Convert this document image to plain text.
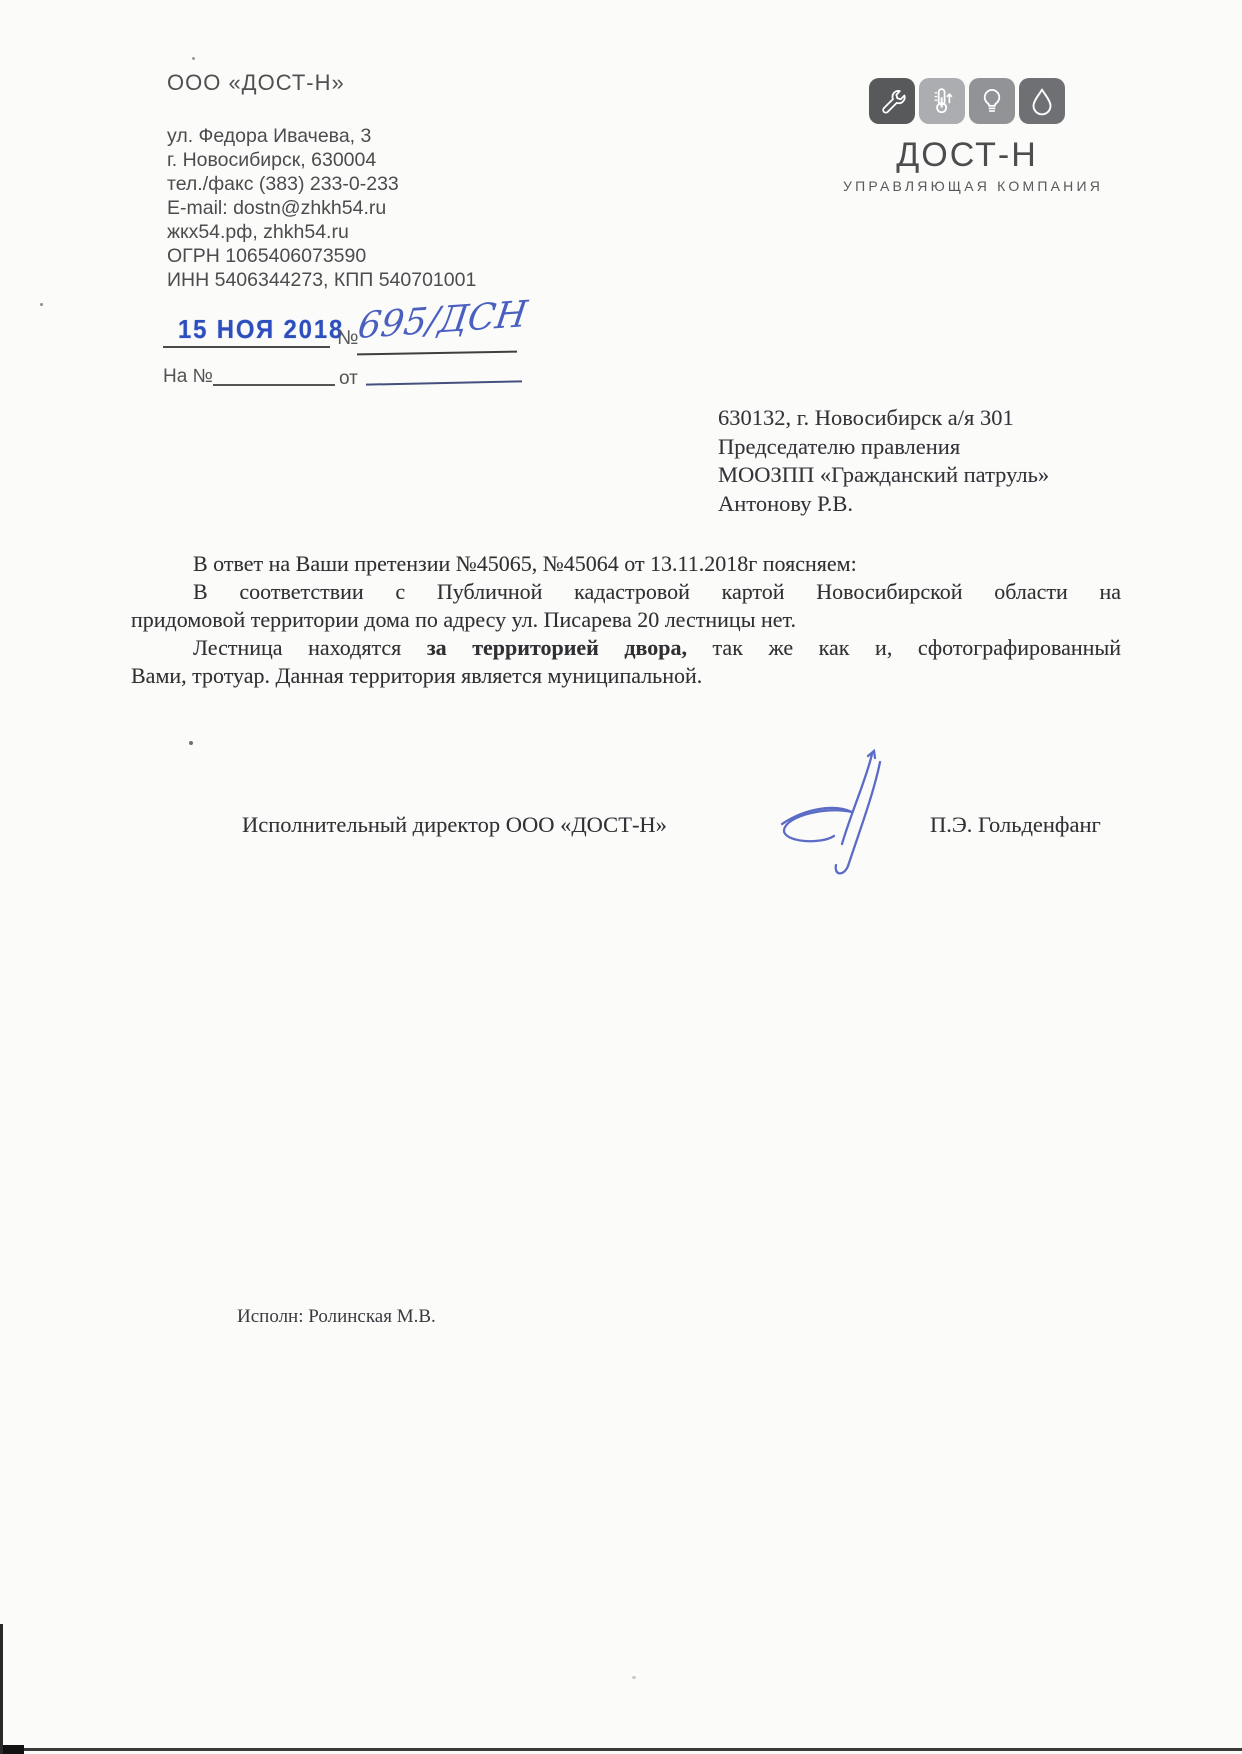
ООО «ДОСТ-Н»
ул. Федора Ивачева, 3
г. Новосибирск, 630004
тел./факс (383) 233-0-233
E-mail: dostn@zhkh54.ru
жкх54.рф, zhkh54.ru
ОГРН 1065406073590
ИНН 5406344273, КПП 540701001
ДОСТ-Н
УПРАВЛЯЮЩАЯ КОМПАНИЯ
15 НОЯ 2018
№
695/ДСН
На №	от
630132, г. Новосибирск а/я 301
Председателю правления
МООЗПП «Гражданский патруль»
Антонову Р.В.
В ответ на Ваши претензии №45065, №45064 от 13.11.2018г поясняем:
В соответствии с Публичной кадастровой картой Новосибирской области на
придомовой территории дома по адресу ул. Писарева 20 лестницы нет.
Лестница находятся за территорией двора, так же как и, сфотографированный
Вами, тротуар. Данная территория является муниципальной.
Исполнительный директор ООО «ДОСТ-Н»	П.Э. Гольденфанг
Исполн: Ролинская М.В.
